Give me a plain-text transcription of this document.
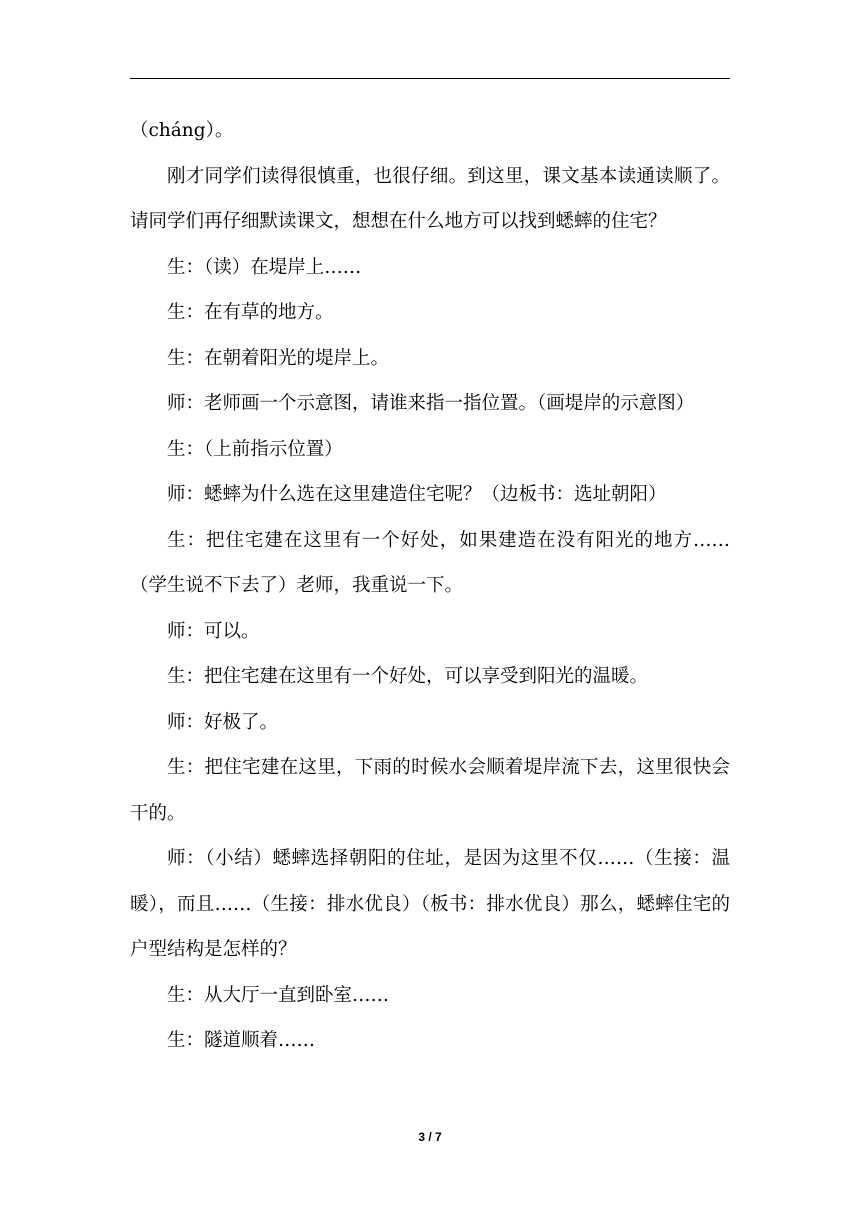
（cháng）。

刚才同学们读得很慎重，也很仔细。到这里，课文基本读通读顺了。请同学们再仔细默读课文，想想在什么地方可以找到蟋蟀的住宅？

生：（读）在堤岸上……

生：在有草的地方。

生：在朝着阳光的堤岸上。

师：老师画一个示意图，请谁来指一指位置。（画堤岸的示意图）

生：（上前指示位置）

师：蟋蟀为什么选在这里建造住宅呢？（边板书：选址朝阳）

生：把住宅建在这里有一个好处，如果建造在没有阳光的地方……（学生说不下去了）老师，我重说一下。

师：可以。

生：把住宅建在这里有一个好处，可以享受到阳光的温暖。

师：好极了。

生：把住宅建在这里，下雨的时候水会顺着堤岸流下去，这里很快会干的。

师：（小结）蟋蟀选择朝阳的住址，是因为这里不仅……（生接：温暖），而且……（生接：排水优良）（板书：排水优良）那么，蟋蟀住宅的户型结构是怎样的？

生：从大厅一直到卧室……

生：隧道顺着……

3 / 7
